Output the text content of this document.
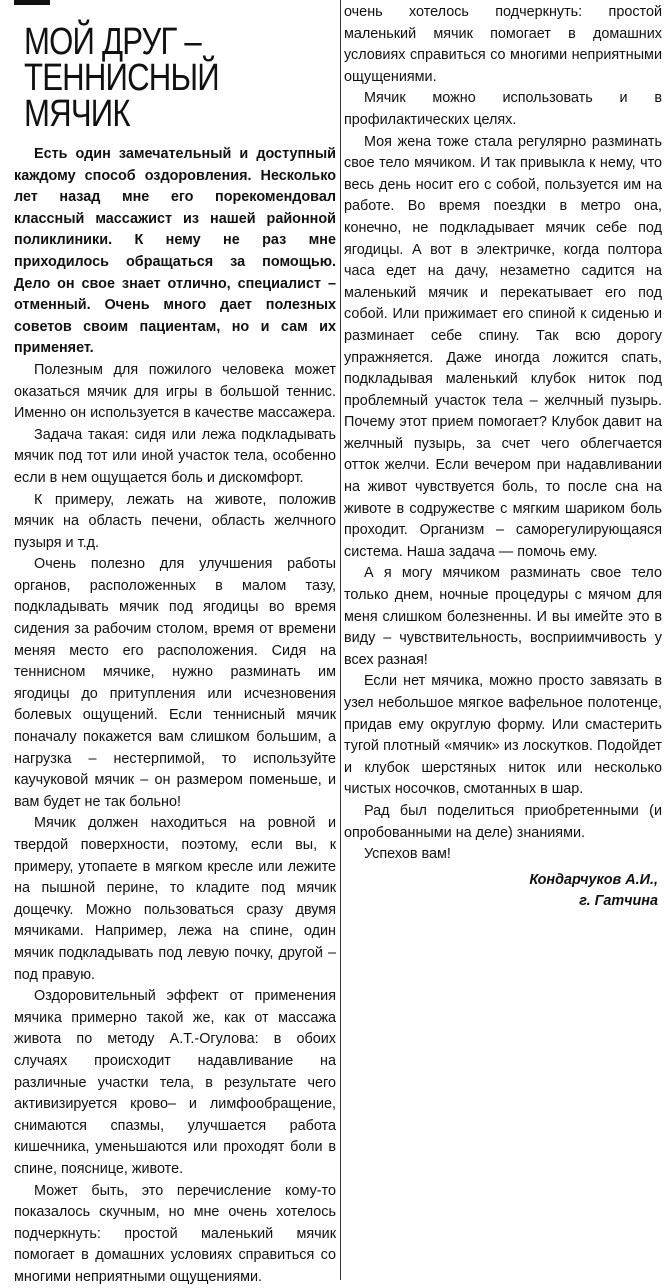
МОЙ ДРУГ –
ТЕННИСНЫЙ
МЯЧИК

Есть один замечательный и доступный каждому способ оздоровления. Несколько лет назад мне его порекомендовал классный массажист из нашей районной поликлиники. К нему не раз мне приходилось обращаться за помощью. Дело он свое знает отлично, специалист – отменный. Очень много дает полезных советов своим пациентам, но и сам их применяет.

Полезным для пожилого человека может оказаться мячик для игры в большой теннис. Именно он используется в качестве массажера.

Задача такая: сидя или лежа подкладывать мячик под тот или иной участок тела, особенно если в нем ощущается боль и дискомфорт.

К примеру, лежать на животе, положив мячик на область печени, область желчного пузыря и т.д.

Очень полезно для улучшения работы органов, расположенных в малом тазу, подкладывать мячик под ягодицы во время сидения за рабочим столом, время от времени меняя место его расположения. Сидя на теннисном мячике, нужно разминать им ягодицы до притупления или исчезновения болевых ощущений. Если теннисный мячик поначалу покажется вам слишком большим, а нагрузка – нестерпимой, то используйте каучуковой мячик – он размером поменьше, и вам будет не так больно!

Мячик должен находиться на ровной и твердой поверхности, поэтому, если вы, к примеру, утопаете в мягком кресле или лежите на пышной перине, то кладите под мячик дощечку. Можно пользоваться сразу двумя мячиками. Например, лежа на спине, один мячик подкладывать под левую почку, другой – под правую.

Оздоровительный эффект от применения мячика примерно такой же, как от массажа живота по методу А.Т.-Огулова: в обоих случаях происходит надавливание на различные участки тела, в результате чего активизируется крово– и лимфообращение, снимаются спазмы, улучшается работа кишечника, уменьшаются или проходят боли в спине, пояснице, животе.

Может быть, это перечисление кому-то показалось скучным, но мне очень хотелось подчеркнуть: простой маленький мячик помогает в домашних условиях справиться со многими неприятными ощущениями.

очень хотелось подчеркнуть: простой маленький мячик помогает в домашних условиях справиться со многими неприятными ощущениями.

Мячик можно использовать и в профилактических целях.

Моя жена тоже стала регулярно разминать свое тело мячиком. И так привыкла к нему, что весь день носит его с собой, пользуется им на работе. Во время поездки в метро она, конечно, не подкладывает мячик себе под ягодицы. А вот в электричке, когда полтора часа едет на дачу, незаметно садится на маленький мячик и перекатывает его под собой. Или прижимает его спиной к сиденью и разминает себе спину. Так всю дорогу упражняется. Даже иногда ложится спать, подкладывая маленький клубок ниток под проблемный участок тела – желчный пузырь. Почему этот прием помогает? Клубок давит на желчный пузырь, за счет чего облегчается отток желчи. Если вечером при надавливании на живот чувствуется боль, то после сна на животе в содружестве с мягким шариком боль проходит. Организм – саморегулирующаяся система. Наша задача — помочь ему.

А я могу мячиком разминать свое тело только днем, ночные процедуры с мячом для меня слишком болезненны. И вы имейте это в виду – чувствительность, восприимчивость у всех разная!

Если нет мячика, можно просто завязать в узел небольшое мягкое вафельное полотенце, придав ему округлую форму. Или смастерить тугой плотный «мячик» из лоскутков. Подойдет и клубок шерстяных ниток или несколько чистых носочков, смотанных в шар.

Рад был поделиться приобретенными (и опробованными на деле) знаниями.

Успехов вам!

Кондарчуков А.И.,

г. Гатчина
